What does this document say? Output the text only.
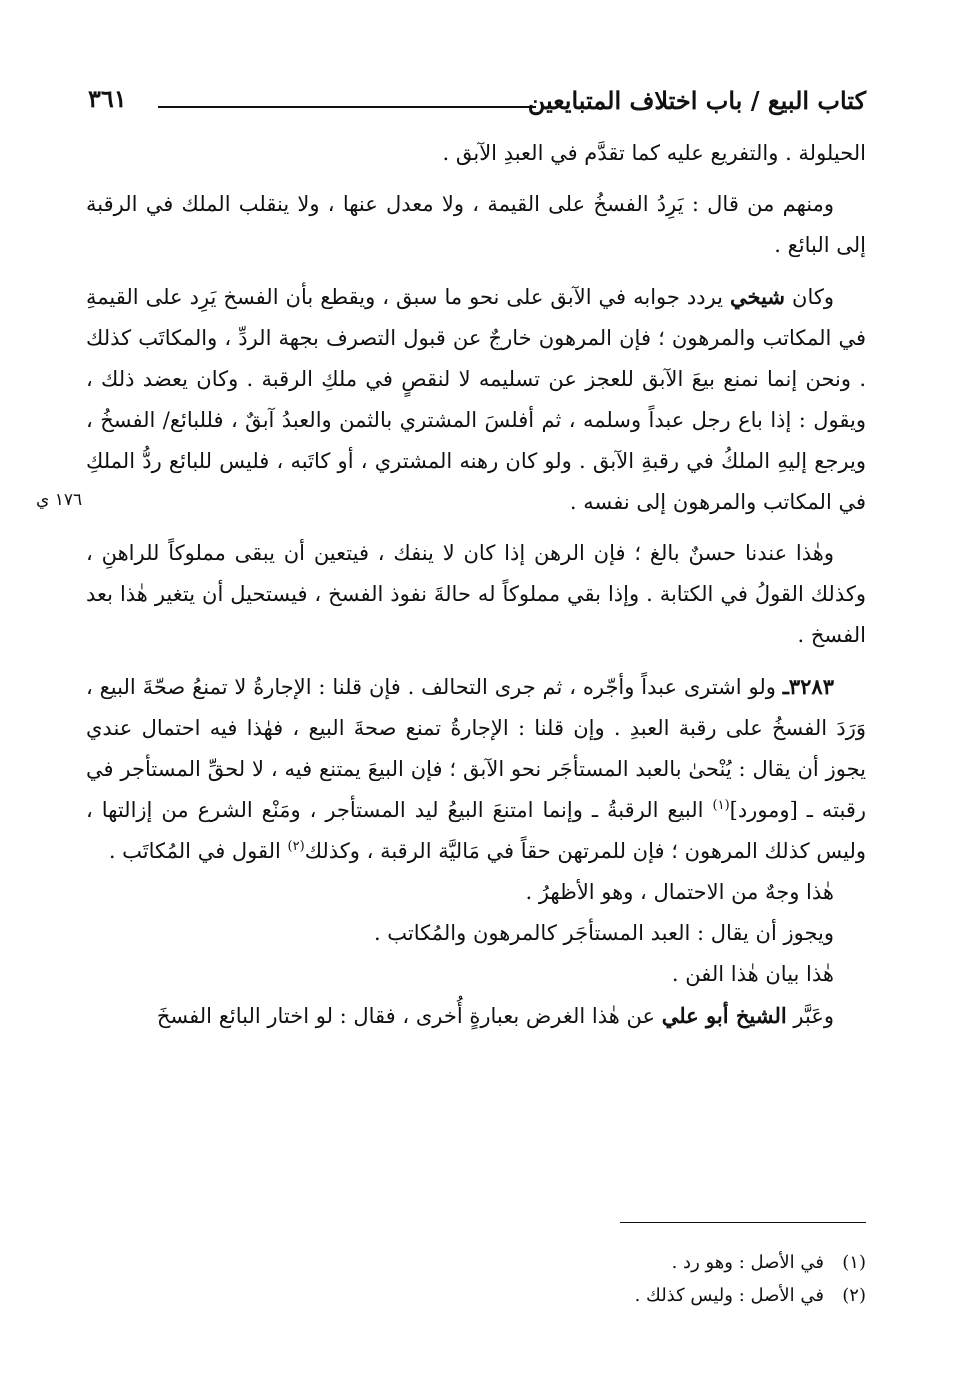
كتاب البيع / باب اختلاف المتبايعين
٣٦١
١٧٦ ي

الحيلولة . والتفريع عليه كما تقدَّم في العبدِ الآبق .

ومنهم من قال : يَرِدُ الفسخُ على القيمة ، ولا معدل عنها ، ولا ينقلب الملك في الرقبة إلى البائع .

وكان شيخي يردد جوابه في الآبق على نحو ما سبق ، ويقطع بأن الفسخ يَرِد على القيمةِ في المكاتب والمرهون ؛ فإن المرهون خارجٌ عن قبول التصرف بجهة الردِّ ، والمكاتَب كذلك . ونحن إنما نمنع بيعَ الآبق للعجز عن تسليمه لا لنقصٍ في ملكِ الرقبة . وكان يعضد ذلك ، ويقول : إذا باع رجل عبداً وسلمه ، ثم أفلسَ المشتري بالثمن والعبدُ آبقٌ ، فللبائع/ الفسخُ ، ويرجع إليهِ الملكُ في رقبةِ الآبق . ولو كان رهنه المشتري ، أو كاتَبه ، فليس للبائع ردُّ الملكِ في المكاتب والمرهون إلى نفسه .

وهٰذا عندنا حسنٌ بالغ ؛ فإن الرهن إذا كان لا ينفك ، فيتعين أن يبقى مملوكاً للراهنِ ، وكذلك القولُ في الكتابة . وإذا بقي مملوكاً له حالةَ نفوذ الفسخ ، فيستحيل أن يتغير هٰذا بعد الفسخ .

٣٢٨٣ـ ولو اشترى عبداً وأجّره ، ثم جرى التحالف . فإن قلنا : الإجارةُ لا تمنعُ صحّةَ البيع ، وَرَدَ الفسخُ على رقبة العبدِ . وإن قلنا : الإجارةُ تمنع صحةَ البيع ، فهٰذا فيه احتمال عندي يجوز أن يقال : يُنْحىٰ بالعبد المستأجَر نحو الآبق ؛ فإن البيعَ يمتنع فيه ، لا لحقِّ المستأجر في رقبته ـ [ومورد]$^{(١)}$ البيع الرقبةُ ـ وإنما امتنعَ البيعُ ليد المستأجر ، ومَنْع الشرع من إزالتها ، وليس كذلك المرهون ؛ فإن للمرتهن حقاً في مَاليَّة الرقبة ، وكذلك$^{(٢)}$ القول في المُكاتَب .

هٰذا وجهٌ من الاحتمال ، وهو الأظهرُ .

ويجوز أن يقال : العبد المستأجَر كالمرهون والمُكاتب .

هٰذا بيان هٰذا الفن .

وعَبَّر الشيخ أبو علي عن هٰذا الغرض بعبارةٍ أُخرى ، فقال : لو اختار البائع الفسخَ

(١)في الأصل : وهو رد .
(٢)في الأصل : وليس كذلك .
